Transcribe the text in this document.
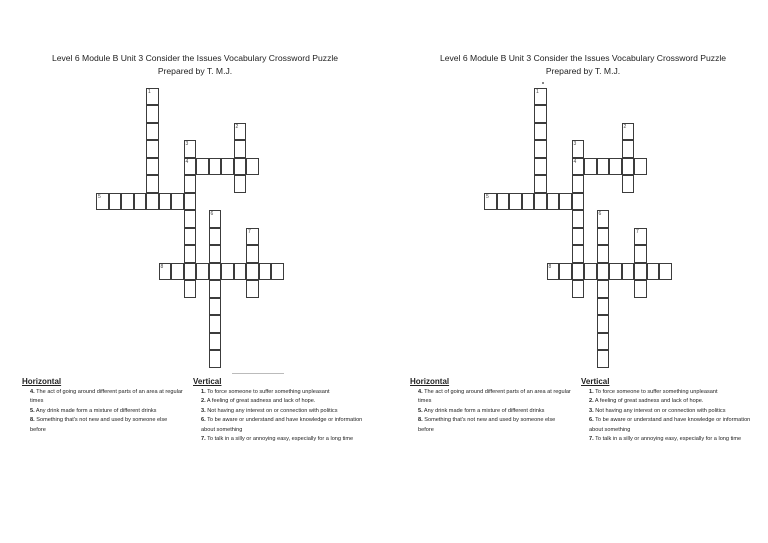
Level 6 Module B Unit 3 Consider the Issues Vocabulary Crossword Puzzle
Prepared by T. M.J.
1
2
3
4
5
6
7
8
Horizontal
4. The act of going around different parts of an area at regular times
5. Any drink made form a mixture of different drinks
8. Something that's not new and used by someone else before
Vertical
1. To force someone to suffer something unpleasant
2. A feeling of great sadness and lack of hope.
3. Not having any interest on or connection with politics
6. To be aware or understand and have knowledge or information about something
7. To talk in a silly or annoying easy, especially for a long time
Level 6 Module B Unit 3 Consider the Issues Vocabulary Crossword Puzzle
Prepared by T. M.J.
1
2
3
4
5
6
7
8
Horizontal
4. The act of going around different parts of an area at regular times
5. Any drink made form a mixture of different drinks
8. Something that's not new and used by someone else before
Vertical
1. To force someone to suffer something unpleasant
2. A feeling of great sadness and lack of hope.
3. Not having any interest on or connection with politics
6. To be aware or understand and have knowledge or information about something
7. To talk in a silly or annoying easy, especially for a long time
